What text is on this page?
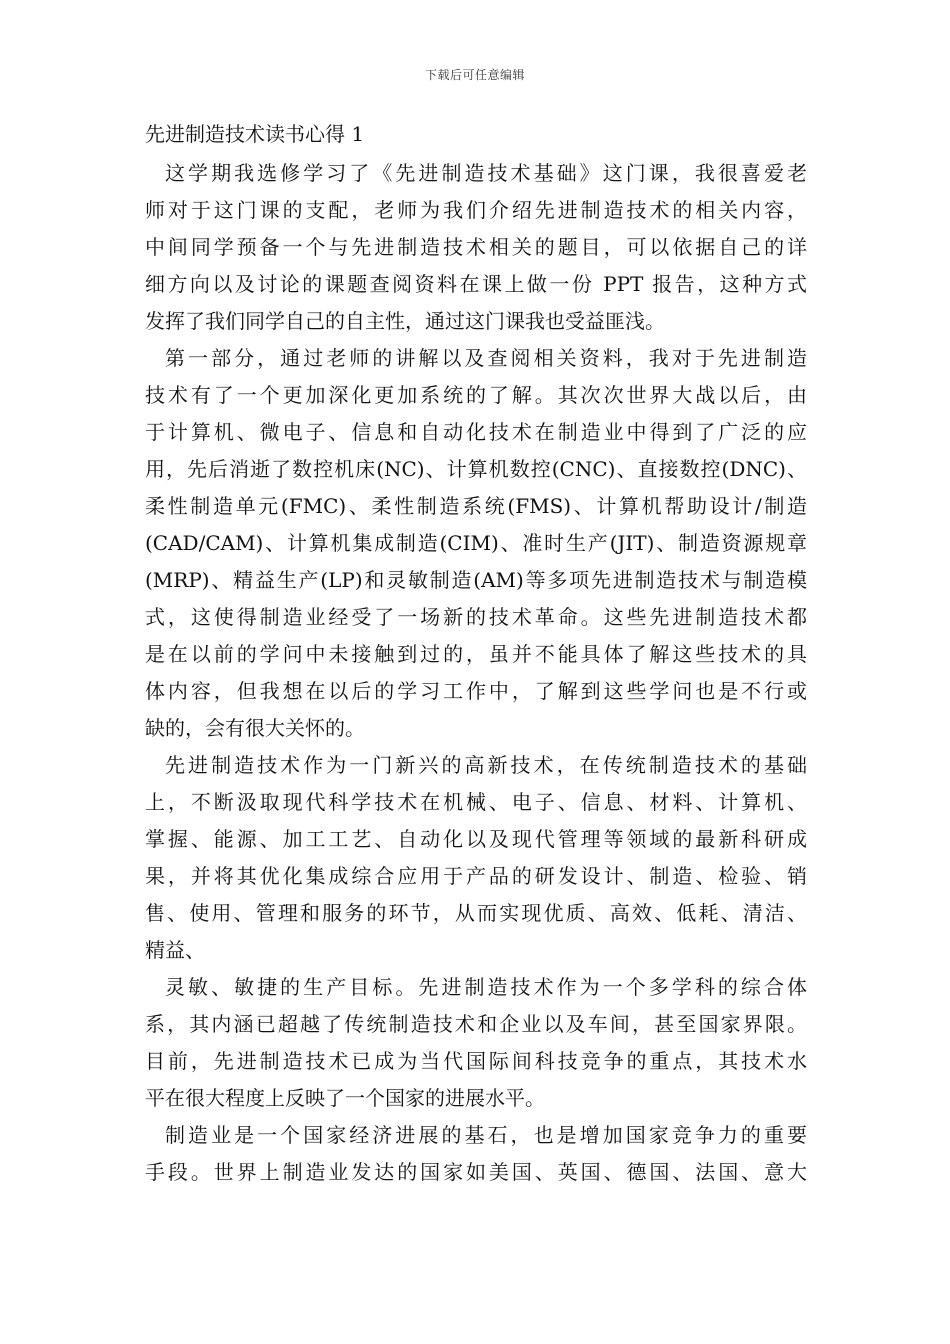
下载后可任意编辑
先进制造技术读书心得 1
这学期我选修学习了《先进制造技术基础》这门课，我很喜爱老
师对于这门课的支配，老师为我们介绍先进制造技术的相关内容，
中间同学预备一个与先进制造技术相关的题目，可以依据自己的详
细方向以及讨论的课题查阅资料在课上做一份 PPT 报告，这种方式
发挥了我们同学自己的自主性，通过这门课我也受益匪浅。
第一部分，通过老师的讲解以及查阅相关资料，我对于先进制造
技术有了一个更加深化更加系统的了解。其次次世界大战以后，由
于计算机、微电子、信息和自动化技术在制造业中得到了广泛的应
用，先后消逝了数控机床(NC)、计算机数控(CNC)、直接数控(DNC)、
柔性制造单元(FMC)、柔性制造系统(FMS)、计算机帮助设计/制造
(CAD/CAM)、计算机集成制造(CIM)、准时生产(JIT)、制造资源规章
(MRP)、精益生产(LP)和灵敏制造(AM)等多项先进制造技术与制造模
式，这使得制造业经受了一场新的技术革命。这些先进制造技术都
是在以前的学问中未接触到过的，虽并不能具体了解这些技术的具
体内容，但我想在以后的学习工作中，了解到这些学问也是不行或
缺的，会有很大关怀的。
先进制造技术作为一门新兴的高新技术，在传统制造技术的基础
上，不断汲取现代科学技术在机械、电子、信息、材料、计算机、
掌握、能源、加工工艺、自动化以及现代管理等领域的最新科研成
果，并将其优化集成综合应用于产品的研发设计、制造、检验、销
售、使用、管理和服务的环节，从而实现优质、高效、低耗、清洁、
精益、
灵敏、敏捷的生产目标。先进制造技术作为一个多学科的综合体
系，其内涵已超越了传统制造技术和企业以及车间，甚至国家界限。
目前，先进制造技术已成为当代国际间科技竞争的重点，其技术水
平在很大程度上反映了一个国家的进展水平。
制造业是一个国家经济进展的基石，也是增加国家竞争力的重要
手段。世界上制造业发达的国家如美国、英国、德国、法国、意大
